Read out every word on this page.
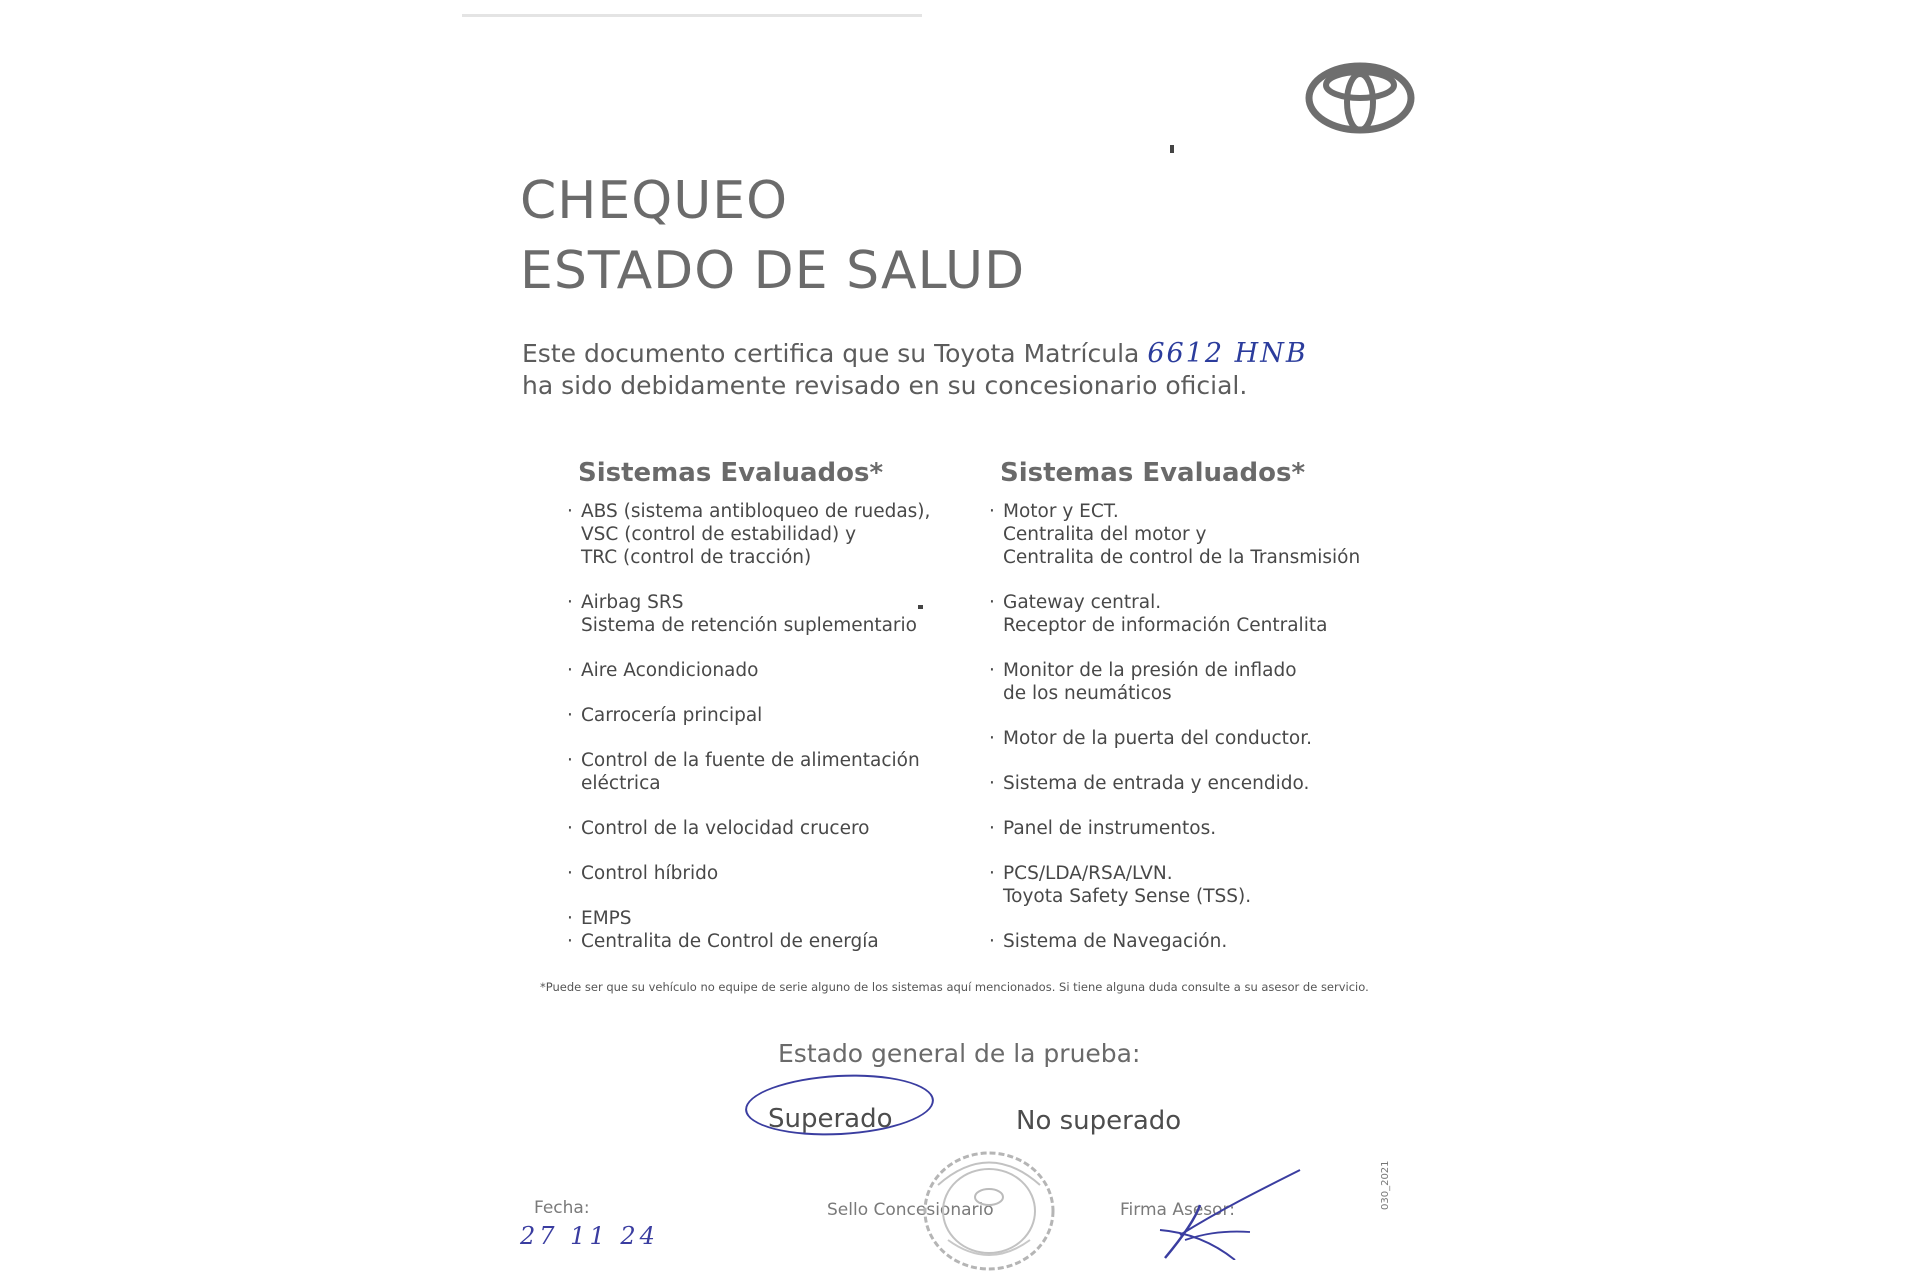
CHEQUEO
ESTADO DE SALUD
Este documento certifica que su Toyota Matrícula 6612 HNB
ha sido debidamente revisado en su concesionario oficial.
Sistemas Evaluados*
· ABS (sistema antibloqueo de ruedas),
VSC (control de estabilidad) y
TRC (control de tracción)
· Airbag SRS
Sistema de retención suplementario
· Aire Acondicionado
· Carrocería principal
· Control de la fuente de alimentación
eléctrica
· Control de la velocidad crucero
· Control híbrido
· EMPS
· Centralita de Control de energía
Sistemas Evaluados*
· Motor y ECT.
Centralita del motor y
Centralita de control de la Transmisión
· Gateway central.
Receptor de información Centralita
· Monitor de la presión de inflado
de los neumáticos
· Motor de la puerta del conductor.
· Sistema de entrada y encendido.
· Panel de instrumentos.
· PCS/LDA/RSA/LVN.
Toyota Safety Sense (TSS).
· Sistema de Navegación.
*Puede ser que su vehículo no equipe de serie alguno de los sistemas aquí mencionados. Si tiene alguna duda consulte a su asesor de servicio.
Estado general de la prueba:
Superado	No superado
Fecha:
27 11 24
Sello Concesionario	Firma Asesor:	030_2021
